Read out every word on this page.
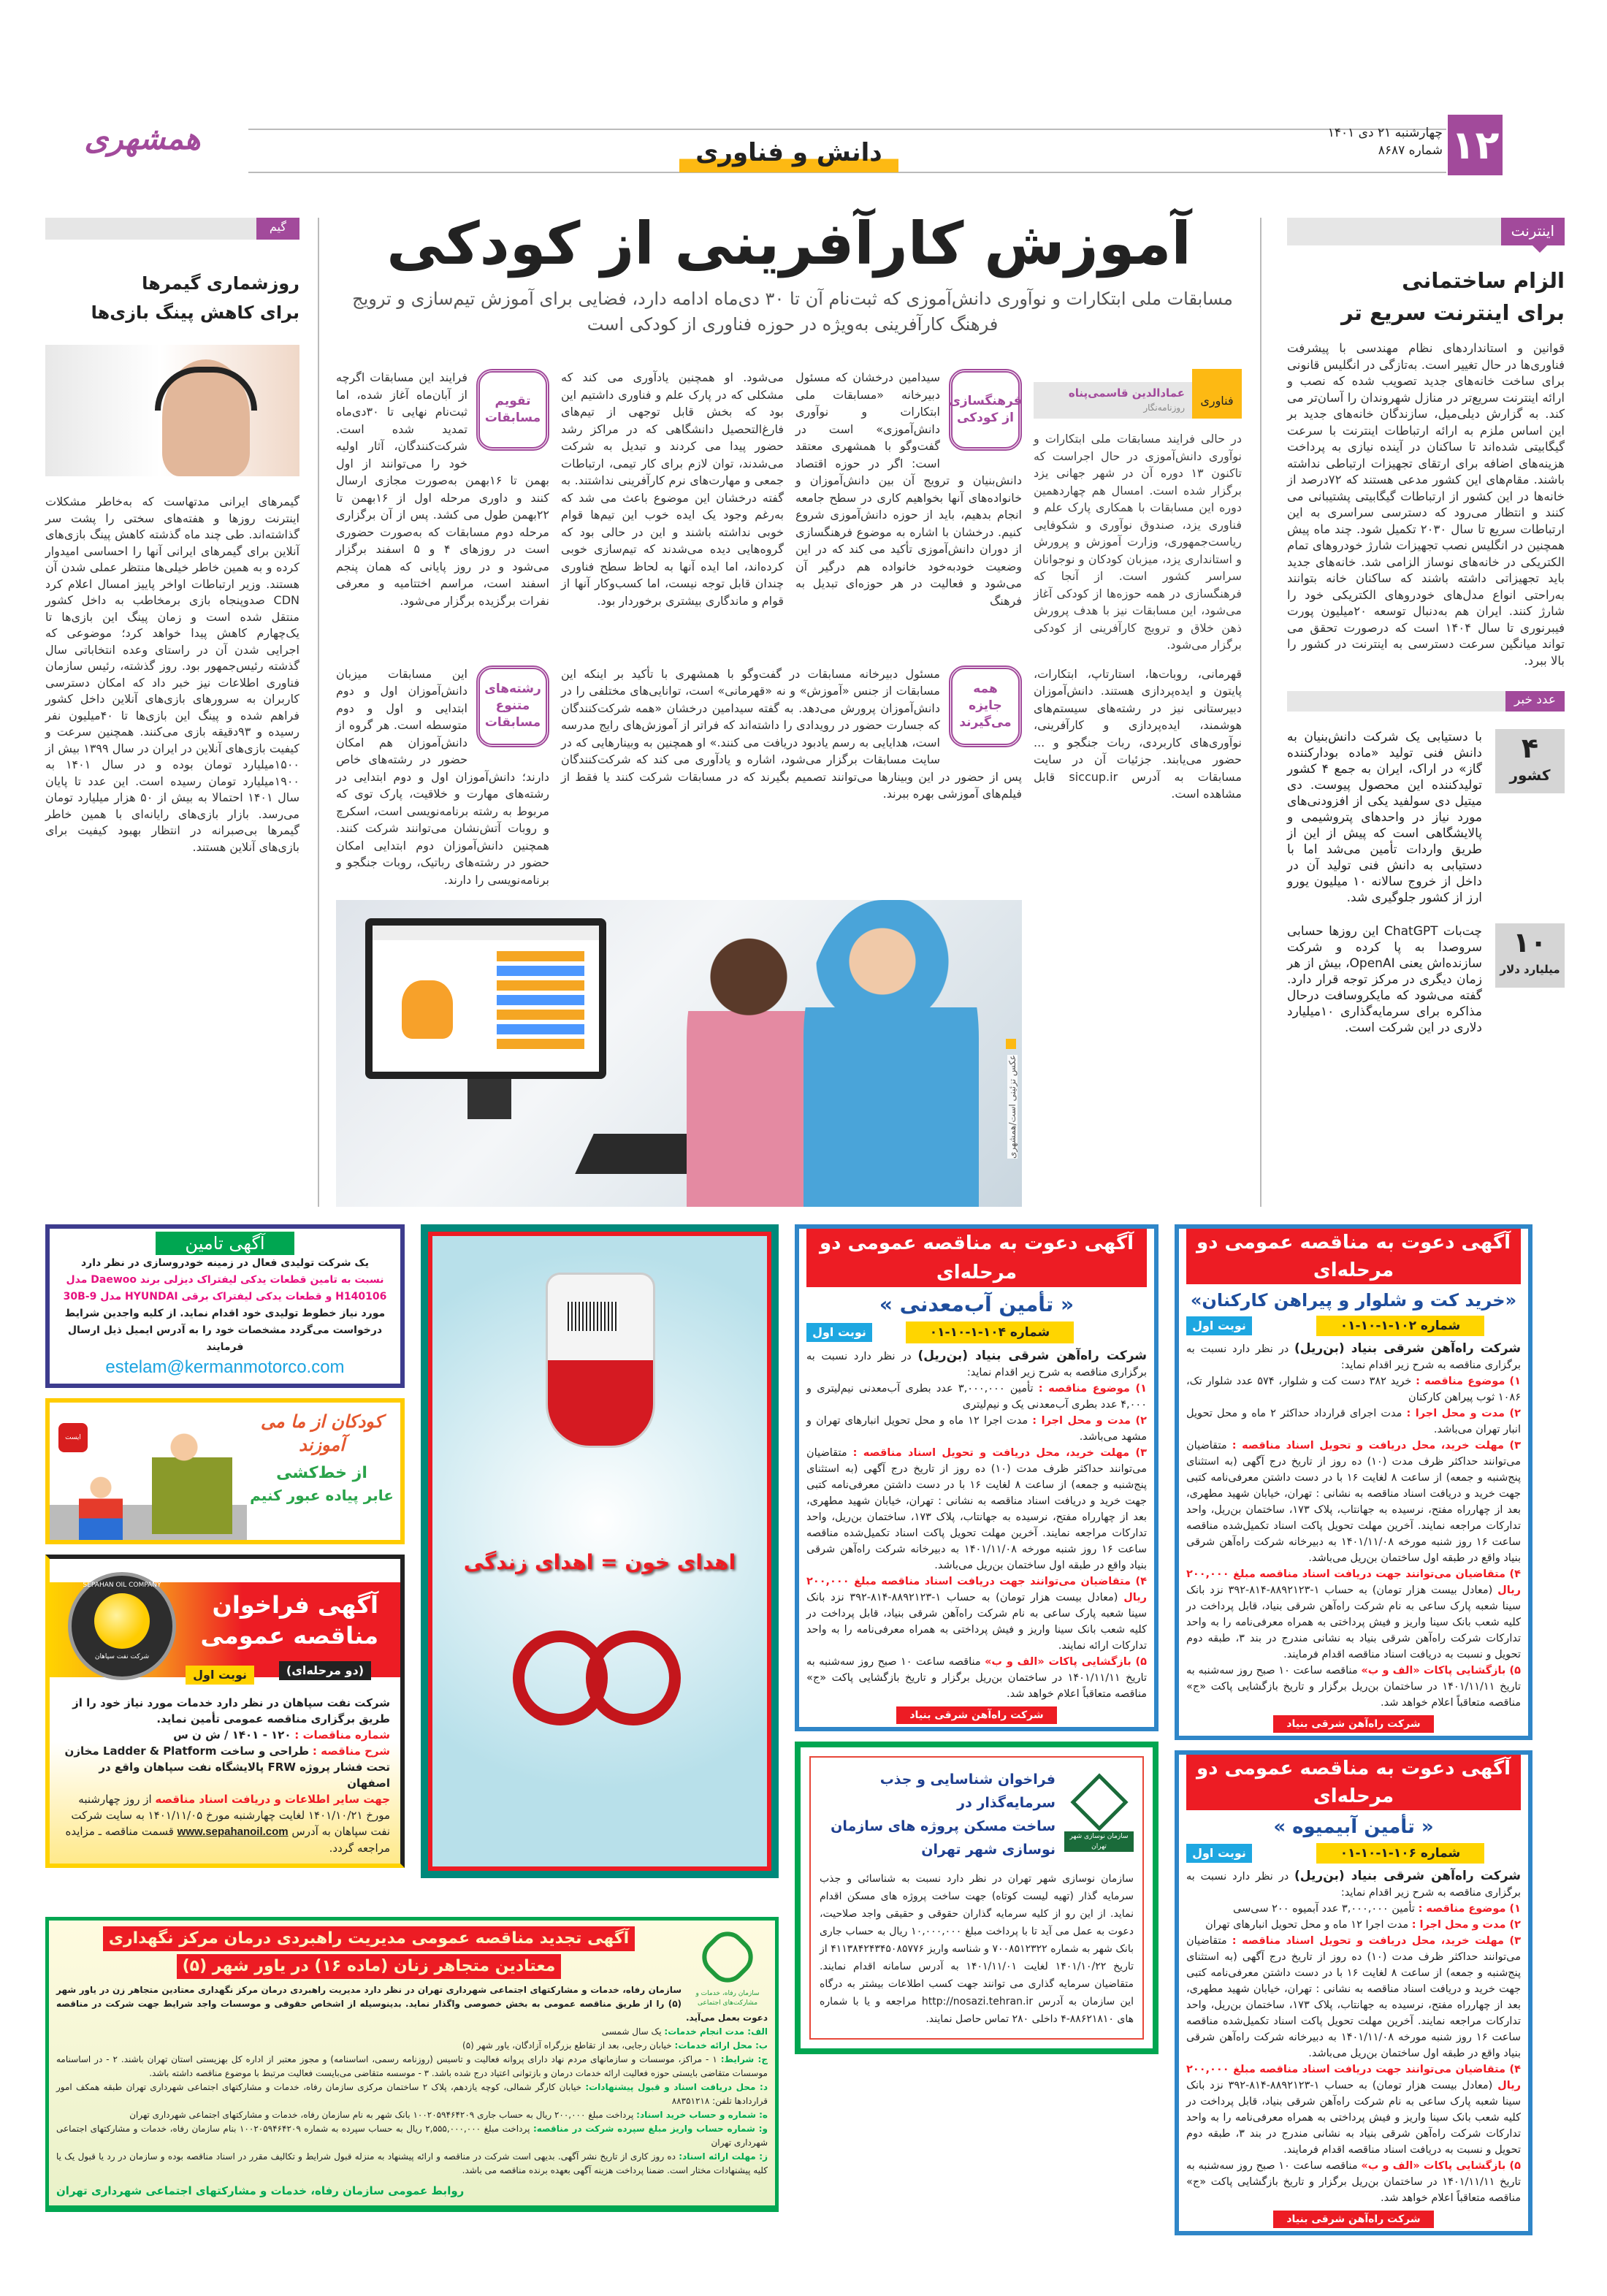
همشهری	دانش و فناوری
چهارشنبه ۲۱ دی ۱۴۰۱
شماره ۸۶۸۷ ۱۲
آموزش کارآفرینی از کودکی

مسابقات ملی ابتکارات و نوآوری دانش‌آموزی که ثبت‌نام آن تا ۳۰ دی‌ماه ادامه دارد، فضایی برای آموزش تیم‌سازی و ترویج فرهنگ کارآفرینی به‌ویژه در حوزه فناوری از کودکی است

گیم
روزشماری گیمرها
برای کاهش پینگ بازی‌ها

گیمرهای ایرانی مدتهاست که به‌خاطر مشکلات اینترنت روزها و هفته‌های سختی را پشت سر گذاشته‌اند. طی چند ماه گذشته کاهش پینگ بازی‌های آنلاین برای گیمرهای ایرانی آنها را احساسی امیدوار کرده و به همین خاطر خیلی‌ها منتظر عملی شدن آن هستند. وزیر ارتباطات اواخر پاییز امسال اعلام کرد CDN صدوپنجاه بازی برمخاطب به داخل کشور منتقل شده است و زمان پینگ این بازی‌ها تا یک‌چهارم کاهش پیدا خواهد کرد؛ موضوعی که اجرایی شدن آن در راستای وعده انتخاباتی سال گذشته رئیس‌جمهور بود. روز گذشته، رئیس سازمان فناوری اطلاعات نیز خبر داد که امکان دسترسی کاربران به سرورهای بازی‌های آنلاین داخل کشور فراهم شده و پینگ این بازی‌ها تا ۴۰میلیون نفر رسیده و ۹۳دقیقه بازی می‌کنند. همچنین سرعت و کیفیت بازی‌های آنلاین در ایران در سال ۱۳۹۹ بیش از ۱۵۰۰میلیارد تومان بوده و در سال ۱۴۰۱ به ۱۹۰۰میلیارد تومان رسیده است. این عدد تا پایان سال ۱۴۰۱ احتمالا به بیش از ۵۰ هزار میلیارد تومان می‌رسد. بازار بازی‌های رایانه‌ای با همین خاطر گیمرها بی‌صبرانه در انتظار بهبود کیفیت برای بازی‌های آنلاین هستند.

فناوری
عمادالدین قاسمی‌پناه
روزنامه‌نگار

در حالی فرایند مسابقات ملی ابتکارات و نوآوری دانش‌آموزی در حال اجراست که تاکنون ۱۳ دوره آن در شهر جهانی یزد برگزار شده است. امسال هم چهاردهمین دوره این مسابقات با همکاری پارک علم و فناوری یزد، صندوق نوآوری و شکوفایی ریاست‌جمهوری، وزارت آموزش و پرورش و استانداری یزد، میزبان کودکان و نوجوانان سراسر کشور است. از آنجا که فرهنگسازی در همه حوزه‌ها از کودکی آغاز می‌شود، این مسابقات نیز با هدف پرورش ذهن خلاق و ترویج کارآفرینی از کودکی برگزار می‌شود.

فرهنگسازی از کودکی

سیدامین درخشان که مسئول دبیرخانه «مسابقات ملی ابتکارات و نوآوری دانش‌آموزی» است در گفت‌وگو با همشهری معتقد است: اگر در حوزه اقتصاد دانش‌بنیان و ترویج آن بین دانش‌آموزان و خانواده‌های آنها بخواهیم کاری در سطح جامعه انجام بدهیم، باید از حوزه دانش‌آموزی شروع کنیم. درخشان با اشاره به موضوع فرهنگسازی از دوران دانش‌آموزی تأکید می کند که در این وضعیت خودبه‌خود خانواده هم درگیر آن می‌شود و فعالیت در هر حوزه‌ای تبدیل به فرهنگ

می‌شود. او همچنین یادآوری می کند که مشکلی که در پارک علم و فناوری داشتیم این بود که بخش قابل توجهی از تیم‌های فارغ‌التحصیل دانشگاهی که در مراکز رشد حضور پیدا می کردند و تبدیل به شرکت می‌شدند، توان لازم برای کار تیمی، ارتباطات جمعی و مهارت‌های نرم کارآفرینی نداشتند. به گفته درخشان این موضوع باعث می شد که به‌رغم وجود یک ایده خوب این تیم‌ها قوام خوبی نداشته باشند و این در حالی بود که گروه‌هایی دیده می‌شدند که تیم‌سازی خوبی کرده‌اند، اما ایده آنها به لحاظ سطح فناوری چندان قابل توجه نیست، اما کسب‌وکار آنها از قوام و ماندگاری بیشتری برخوردار بود.

تقویم مسابقات

فرایند این مسابقات اگرچه از آبان‌ماه آغاز شده، اما ثبت‌نام نهایی تا ۳۰دی‌ماه تمدید شده است. شرکت‌کنندگان، آثار اولیه خود را می‌توانند از اول بهمن تا ۱۶بهمن به‌صورت مجازی ارسال کنند و داوری مرحله اول از ۱۶بهمن تا ۲۲بهمن طول می کشد. پس از آن برگزاری مرحله دوم مسابقات که به‌صورت حضوری است در روزهای ۴ و ۵ اسفند برگزار می‌شود و در روز پایانی که همان پنجم اسفند است، مراسم اختتامیه و معرفی نفرات برگزیده برگزار می‌شود.

قهرمانی، روبات‌ها، استارتاپ، ابتکارات، پایتون و ایده‌پردازی هستند. دانش‌آموزان دبیرستانی نیز در رشته‌های سیستم‌های هوشمند، ایده‌پردازی و کارآفرینی، نوآوری‌های کاربردی، ربات جنگجو و ... حضور می‌یابند. جزئیات آن در سایت مسابقات به آدرس siccup.ir قابل مشاهده است.

همه جایزه می‌گیرند

مسئول دبیرخانه مسابقات در گفت‌وگو با همشهری با تأکید بر اینکه این مسابقات از جنس «آموزش» و نه «قهرمانی» است، توانایی‌های مختلفی را در دانش‌آموزان پرورش می‌دهد. به گفته سیدامین درخشان «همه شرکت‌کنندگان که جسارت حضور در رویدادی را داشته‌اند که فراتر از آموزش‌های رایج مدرسه است، هدایایی به رسم یادبود دریافت می کنند.» او همچنین به وبینارهایی که در سایت مسابقات برگزار می‌شود، اشاره و یادآوری می کند که شرکت‌کنندگان پس از حضور در این وبینارها می‌توانند تصمیم بگیرند که در مسابقات شرکت کنند یا فقط از فیلم‌های آموزشی بهره ببرند.

رشته‌های متنوع مسابقات

این مسابقات میزبان دانش‌آموزان اول و دوم ابتدایی و اول و دوم متوسطه است. هر گروه از دانش‌آموزان هم امکان حضور در رشته‌های خاص دارند؛ دانش‌آموزان اول و دوم ابتدایی در رشته‌های مهارت و خلاقیت، پارک توی که مربوط به رشته برنامه‌نویسی است، اسکرچ و روبات آتش‌نشان می‌توانند شرکت کنند. همچنین دانش‌آموزان دوم ابتدایی امکان حضور در رشته‌های رباتیک، روبات جنگجو و برنامه‌نویسی را دارند.

عکس تزئینی است/همشهری
اینترنت
الزام ساختمانی
برای اینترنت سریع تر

قوانین و استانداردهای نظام مهندسی با پیشرفت فناوری‌ها در حال تغییر است. به‌تازگی در انگلیس قانونی برای ساخت خانه‌های جدید تصویب شده که نصب و ارائه اینترنت سریع‌تر در منازل شهروندان را آسان‌تر می کند. به گزارش دیلی‌میل، سازندگان خانه‌های جدید بر این اساس ملزم به ارائه ارتباطات اینترنت با سرعت گیگابیتی شده‌اند تا ساکنان در آینده نیازی به پرداخت هزینه‌های اضافه برای ارتقای تجهیزات ارتباطی نداشته باشند. مقام‌های این کشور مدعی هستند که ۷۲درصد از خانه‌ها در این کشور از ارتباطات گیگابیتی پشتیبانی می کنند و انتظار می‌رود که دسترسی سراسری به این ارتباطات سریع تا سال ۲۰۳۰ تکمیل شود. چند ماه پیش همچنین در انگلیس نصب تجهیزات شارژ خودروهای تمام الکتریکی در خانه‌های نوساز الزامی شد. خانه‌های جدید باید تجهیزاتی داشته باشند که ساکنان خانه بتوانند به‌راحتی انواع مدل‌های خودروهای الکتریکی خود را شارژ کنند. ایران هم به‌دنبال توسعه ۲۰میلیون پورت فیبرنوری تا سال ۱۴۰۴ است که درصورت تحقق می تواند میانگین سرعت دسترسی به اینترنت در کشور را بالا ببرد.

عدد خبر
۴
کشور

با دستیابی یک شرکت دانش‌بنیان به دانش فنی تولید «ماده بودارکننده گاز» در اراک، ایران به جمع ۴ کشور تولیدکننده این محصول پیوست. دی میتیل دی سولفید یکی از افزودنی‌های مورد نیاز در واحدهای پتروشیمی و پالایشگاهی است که پیش از این از طریق واردات تأمین می‌شد اما با دستیابی به دانش فنی تولید آن در داخل از خروج سالانه ۱۰ میلیون یورو ارز از کشور جلوگیری شد.

۱۰
میلیارد دلار

چت‌بات ChatGPT این روزها حسابی سروصدا به پا کرده و شرکت سازنده‌اش یعنی OpenAI، بیش از هر زمان دیگری در مرکز توجه قرار دارد. گفته می‌شود که مایکروسافت درحال مذاکره برای سرمایه‌گذاری ۱۰میلیارد دلاری در این شرکت است.

آگهی تامین
یک شرکت تولیدی فعال در زمینه خودروسازی در نظر دارد
نسبت به تامین قطعات یدکی لیفتراک دیزلی برند Daewoo مدل
H140106 و قطعات یدکی لیفتراک برقی HYUNDAI مدل 30B-9
مورد نیاز خطوط تولیدی خود اقدام نماید. از کلیه واجدین شرایط
درخواست می‌گردد مشخصات خود را به آدرس ایمیل ذیل ارسال فرمایند
estelam@kermanmotorco.com
ایست
کودکان از ما می آموزند
از خط‌کشی
عابر پیاده عبور کنیم
SEPAHAN OIL COMPANY
شرکت نفت سپاهان
آگهی فراخوان
مناقصه عمومی
(دو مرحله‌ای)
نوبت اول
شرکت نفت سپاهان در نظر دارد خدمات مورد نیاز خود را از طریق برگزاری مناقصه عمومی تأمین نماید.
شماره مناقصات : ۱۲۰ - ۱۴۰۱ / ش ن س
شرح مناقصه : طراحی و ساخت Ladder & Platform مخازن تحت فشار پروژه FRW پالایشگاه نفت سپاهان واقع در اصفهان
جهت سایر اطلاعات و دریافت اسناد مناقصه از روز چهارشنبه مورخ ۱۴۰۱/۱۰/۲۱ لغایت چهارشنبه مورخ ۱۴۰۱/۱۱/۰۵ به سایت شرکت نفت سپاهان به آدرس www.sepahanoil.com قسمت مناقصه ـ مزایده مراجعه گردد.
اهدای خون = اهدای زندگی
سازمان رفاه، خدمات و مشارکت‌های اجتماعی
آگهی تجدید مناقصه عمومی مدیریت راهبردی درمان مرکز نگهداری
معتادین متجاهر زنان (ماده ۱۶) در یاور شهر (۵)
سازمان رفاه، خدمات و مشارکتهای اجتماعی شهرداری تهران در نظر دارد مدیریت راهبردی درمان مرکز نگهداری معتادین متجاهر زن در یاور شهر (۵) را از طریق مناقصه عمومی به بخش خصوصی واگذار نماید. بدینوسیله از اشخاص حقوقی و موسسات واجد شرایط جهت شرکت در مناقصه دعوت بعمل می‌آید.
الف: مدت انجام خدمات: یک سال شمسی
ب: محل ارائه خدمات: خیابان رجایی، بعد از تقاطع بزرگراه آزادگان، یاور شهر (۵)
ج: شرایط: ۱ - مراکز، موسسات و سازمانهای مردم نهاد دارای پروانه فعالیت و تاسیس (روزنامه رسمی، اساسنامه) و مجوز معتبر از اداره کل بهزیستی استان تهران باشند. ۲ - در اساسنامه موسسات متقاضی بایستی حوزه فعالیت ارائه خدمات درمان و بازتوانی اعتیاد درج شده باشد. ۳ - موسسه متقاضی می‌بایست فعالیت مرتبط با موضوع مناقصه داشته باشد.
د: محل دریافت اسناد و قبول پیشنهادات: خیابان کارگر شمالی، کوچه یازدهم، پلاک ۲ ساختمان مرکزی سازمان رفاه، خدمات و مشارکتهای اجتماعی شهرداری تهران طبقه همکف امور قراردادها تلفن: ۸۸۳۵۱۲۱۸
ه: شماره و حساب خرید اسناد: پرداخت مبلغ ۲۰۰,۰۰۰ ریال به حساب جاری ۱۰۰۲۰۵۹۴۶۴۲۰۹ بانک شهر به نام سازمان رفاه، خدمات و مشارکتهای اجتماعی شهرداری تهران
و: شماره حساب واریز مبلغ سپرده شرکت در مناقصه: پرداخت مبلغ ۲,۵۵۵,۰۰۰,۰۰۰ ریال به حساب سپرده به شماره ۱۰۰۲۰۵۹۴۶۴۲۰۹ بنام سازمان رفاه، خدمات و مشارکتهای اجتماعی شهرداری تهران
ز: مهلت ارائه اسناد: ده روز کاری از تاریخ نشر آگهی. بدیهی است شرکت در مناقصه و ارائه پیشنهاد به منزله قبول شرایط و تکالیف مقرر در اسناد مناقصه بوده و سازمان در رد یا قبول یک یا کلیه پیشنهادات مختار است. ضمنا پرداخت هزینه آگهی بعهده برنده مناقصه می باشد.
روابط عمومی سازمان رفاه، خدمات و مشارکتهای اجتماعی شهرداری تهران
آگهی دعوت به مناقصه عمومی دو مرحله‌ای
« تأمین آب‌معدنی »
شماره ۱۰۴-۱-۱۰-۰۱
نوبت اول
شرکت راه‌آهن شرقی بنیاد (بن‌ریل) در نظر دارد نسبت به برگزاری مناقصه به شرح زیر اقدام نماید:
۱) موضوع مناقصه : تأمین ۳,۰۰۰,۰۰۰ عدد بطری آب‌معدنی نیم‌لیتری و ۴,۰۰۰ عدد بطری آب‌معدنی یک و نیم‌لیتری
۲) مدت و محل اجرا : مدت اجرا ۱۲ ماه و محل تحویل انبارهای تهران و مشهد می‌باشد.
۳) مهلت خرید، محل دریافت و تحویل اسناد مناقصه : متقاضیان می‌توانند حداکثر ظرف مدت (۱۰) ده روز از تاریخ درج آگهی (به استثنای پنج‌شنبه و جمعه) از ساعت ۸ لغایت ۱۶ با در دست داشتن معرفی‌نامه کتبی جهت خرید و دریافت اسناد مناقصه به نشانی : تهران، خیابان شهید مطهری، بعد از چهارراه مفتح، نرسیده به جهانتاب، پلاک ۱۷۳، ساختمان بن‌ریل، واحد تدارکات مراجعه نمایند. آخرین مهلت تحویل پاکت اسناد تکمیل‌شده مناقصه ساعت ۱۶ روز شنبه مورخه ۱۴۰۱/۱۱/۰۸ به دبیرخانه شرکت راه‌آهن شرقی بنیاد واقع در طبقه اول ساختمان بن‌ریل می‌باشد.
۴) متقاضیان می‌توانند جهت دریافت اسناد مناقصه مبلغ ۲۰۰,۰۰۰ ریال (معادل بیست هزار تومان) به حساب ۱-۸۸۹۲۱۲۳-۸۱۴-۳۹۲ نزد بانک سینا شعبه پارک ساعی به نام شرکت راه‌آهن شرقی بنیاد، قابل پرداخت در کلیه شعب بانک سینا واریز و فیش پرداختی به همراه معرفی‌نامه را به واحد تدارکات ارائه نمایند.
۵) بازگشایی پاکات «الف و ب» مناقصه ساعت ۱۰ صبح روز سه‌شنبه به تاریخ ۱۴۰۱/۱۱/۱۱ در ساختمان بن‌ریل برگزار و تاریخ بازگشایی پاکت «ج» مناقصه متعاقباً اعلام خواهد شد.
شرکت راه‌آهن شرقی بنیاد
سازمان نوسازی شهر تهران
فراخوان شناسایی و جذب سرمایه‌گذار در
ساخت مسکن پروژه های سازمان نوسازی شهر تهران

سازمان نوسازی شهر تهران در نظر دارد نسبت به شناسائی و جذب سرمایه گذار (تهیه لیست کوتاه) جهت ساخت پروژه های مسکن اقدام نماید. از این رو از کلیه سرمایه گذاران حقوقی و حقیقی واجد صلاحیت، دعوت به عمل می آید تا با پرداخت مبلغ ۱۰,۰۰۰,۰۰۰ ریال به حساب جاری بانک شهر به شماره ۷۰۰۸۵۱۲۳۲۲ و شناسه واریز ۴۱۱۳۸۴۲۴۳۴۵۰۸۵۷۷۶ از تاریخ ۱۴۰۱/۱۰/۲۲ لغایت ۱۴۰۱/۱۱/۰۱ به آدرس سامانه اقدام نمایند. متقاضیان سرمایه گذاری می توانند جهت کسب اطلاعات بیشتر به درگاه این سازمان به آدرس http://nosazi.tehran.ir مراجعه و یا با شماره های ۸۸۶۲۱۸۱۰-۴ داخلی ۲۸۰ تماس حاصل نمایند.

آگهی دعوت به مناقصه عمومی دو مرحله‌ای
«خرید کت و شلوار و پیراهن کارکنان»
شماره ۱۰۲-۱-۱۰-۰۱
نوبت اول
شرکت راه‌آهن شرقی بنیاد (بن‌ریل) در نظر دارد نسبت به برگزاری مناقصه به شرح زیر اقدام نماید:
۱) موضوع مناقصه : خرید ۳۸۲ دست کت و شلوار، ۵۷۴ عدد شلوار تک، ۱۰۸۶ ثوب پیراهن کارکنان
۲) مدت و محل اجرا : مدت اجرای قرارداد حداکثر ۲ ماه و محل تحویل انبار تهران می‌باشد.
۳) مهلت خرید، محل دریافت و تحویل اسناد مناقصه : متقاضیان می‌توانند حداکثر ظرف مدت (۱۰) ده روز از تاریخ درج آگهی (به استثنای پنج‌شنبه و جمعه) از ساعت ۸ لغایت ۱۶ با در دست داشتن معرفی‌نامه کتبی جهت خرید و دریافت اسناد مناقصه به نشانی : تهران، خیابان شهید مطهری، بعد از چهارراه مفتح، نرسیده به جهانتاب، پلاک ۱۷۳، ساختمان بن‌ریل، واحد تدارکات مراجعه نمایند. آخرین مهلت تحویل پاکت اسناد تکمیل‌شده مناقصه ساعت ۱۶ روز شنبه مورخه ۱۴۰۱/۱۱/۰۸ به دبیرخانه شرکت راه‌آهن شرقی بنیاد واقع در طبقه اول ساختمان بن‌ریل می‌باشد.
۴) متقاضیان می‌توانند جهت دریافت اسناد مناقصه مبلغ ۲۰۰,۰۰۰ ریال (معادل بیست هزار تومان) به حساب ۱-۸۸۹۲۱۲۳-۸۱۴-۳۹۲ نزد بانک سینا شعبه پارک ساعی به نام شرکت راه‌آهن شرقی بنیاد، قابل پرداخت در کلیه شعب بانک سینا واریز و فیش پرداختی به همراه معرفی‌نامه را به واحد تدارکات شرکت راه‌آهن شرقی بنیاد به نشانی مندرج در بند ۳، طبقه دوم تحویل و نسبت به دریافت اسناد مناقصه اقدام فرمایند.
۵) بازگشایی پاکات «الف و ب» مناقصه ساعت ۱۰ صبح روز سه‌شنبه به تاریخ ۱۴۰۱/۱۱/۱۱ در ساختمان بن‌ریل برگزار و تاریخ بازگشایی پاکت «ج» مناقصه متعاقباً اعلام خواهد شد.
شرکت راه‌آهن شرقی بنیاد
آگهی دعوت به مناقصه عمومی دو مرحله‌ای
« تأمین آبیمیوه »
شماره ۱۰۶-۱-۱۰-۰۱
نوبت اول
شرکت راه‌آهن شرقی بنیاد (بن‌ریل) در نظر دارد نسبت به برگزاری مناقصه به شرح زیر اقدام نماید:
۱) موضوع مناقصه : تأمین ۳,۰۰۰,۰۰۰ عدد آبمیوه ۲۰۰ سی‌سی
۲) مدت و محل اجرا : مدت اجرا ۱۲ ماه و محل تحویل انبارهای تهران
۳) مهلت خرید، محل دریافت و تحویل اسناد مناقصه : متقاضیان می‌توانند حداکثر ظرف مدت (۱۰) ده روز از تاریخ درج آگهی (به استثنای پنج‌شنبه و جمعه) از ساعت ۸ لغایت ۱۶ با در دست داشتن معرفی‌نامه کتبی جهت خرید و دریافت اسناد مناقصه به نشانی : تهران، خیابان شهید مطهری، بعد از چهارراه مفتح، نرسیده به جهانتاب، پلاک ۱۷۳، ساختمان بن‌ریل، واحد تدارکات مراجعه نمایند. آخرین مهلت تحویل پاکت اسناد تکمیل‌شده مناقصه ساعت ۱۶ روز شنبه مورخه ۱۴۰۱/۱۱/۰۸ به دبیرخانه شرکت راه‌آهن شرقی بنیاد واقع در طبقه اول ساختمان بن‌ریل می‌باشد.
۴) متقاضیان می‌توانند جهت دریافت اسناد مناقصه مبلغ ۲۰۰,۰۰۰ ریال (معادل بیست هزار تومان) به حساب ۱-۸۸۹۲۱۲۳-۸۱۴-۳۹۲ نزد بانک سینا شعبه پارک ساعی به نام شرکت راه‌آهن شرقی بنیاد، قابل پرداخت در کلیه شعب بانک سینا واریز و فیش پرداختی به همراه معرفی‌نامه را به واحد تدارکات شرکت راه‌آهن شرقی بنیاد به نشانی مندرج در بند ۳، طبقه دوم تحویل و نسبت به دریافت اسناد مناقصه اقدام فرمایند.
۵) بازگشایی پاکات «الف و ب» مناقصه ساعت ۱۰ صبح روز سه‌شنبه به تاریخ ۱۴۰۱/۱۱/۱۱ در ساختمان بن‌ریل برگزار و تاریخ بازگشایی پاکت «ج» مناقصه متعاقباً اعلام خواهد شد.
شرکت راه‌آهن شرقی بنیاد
